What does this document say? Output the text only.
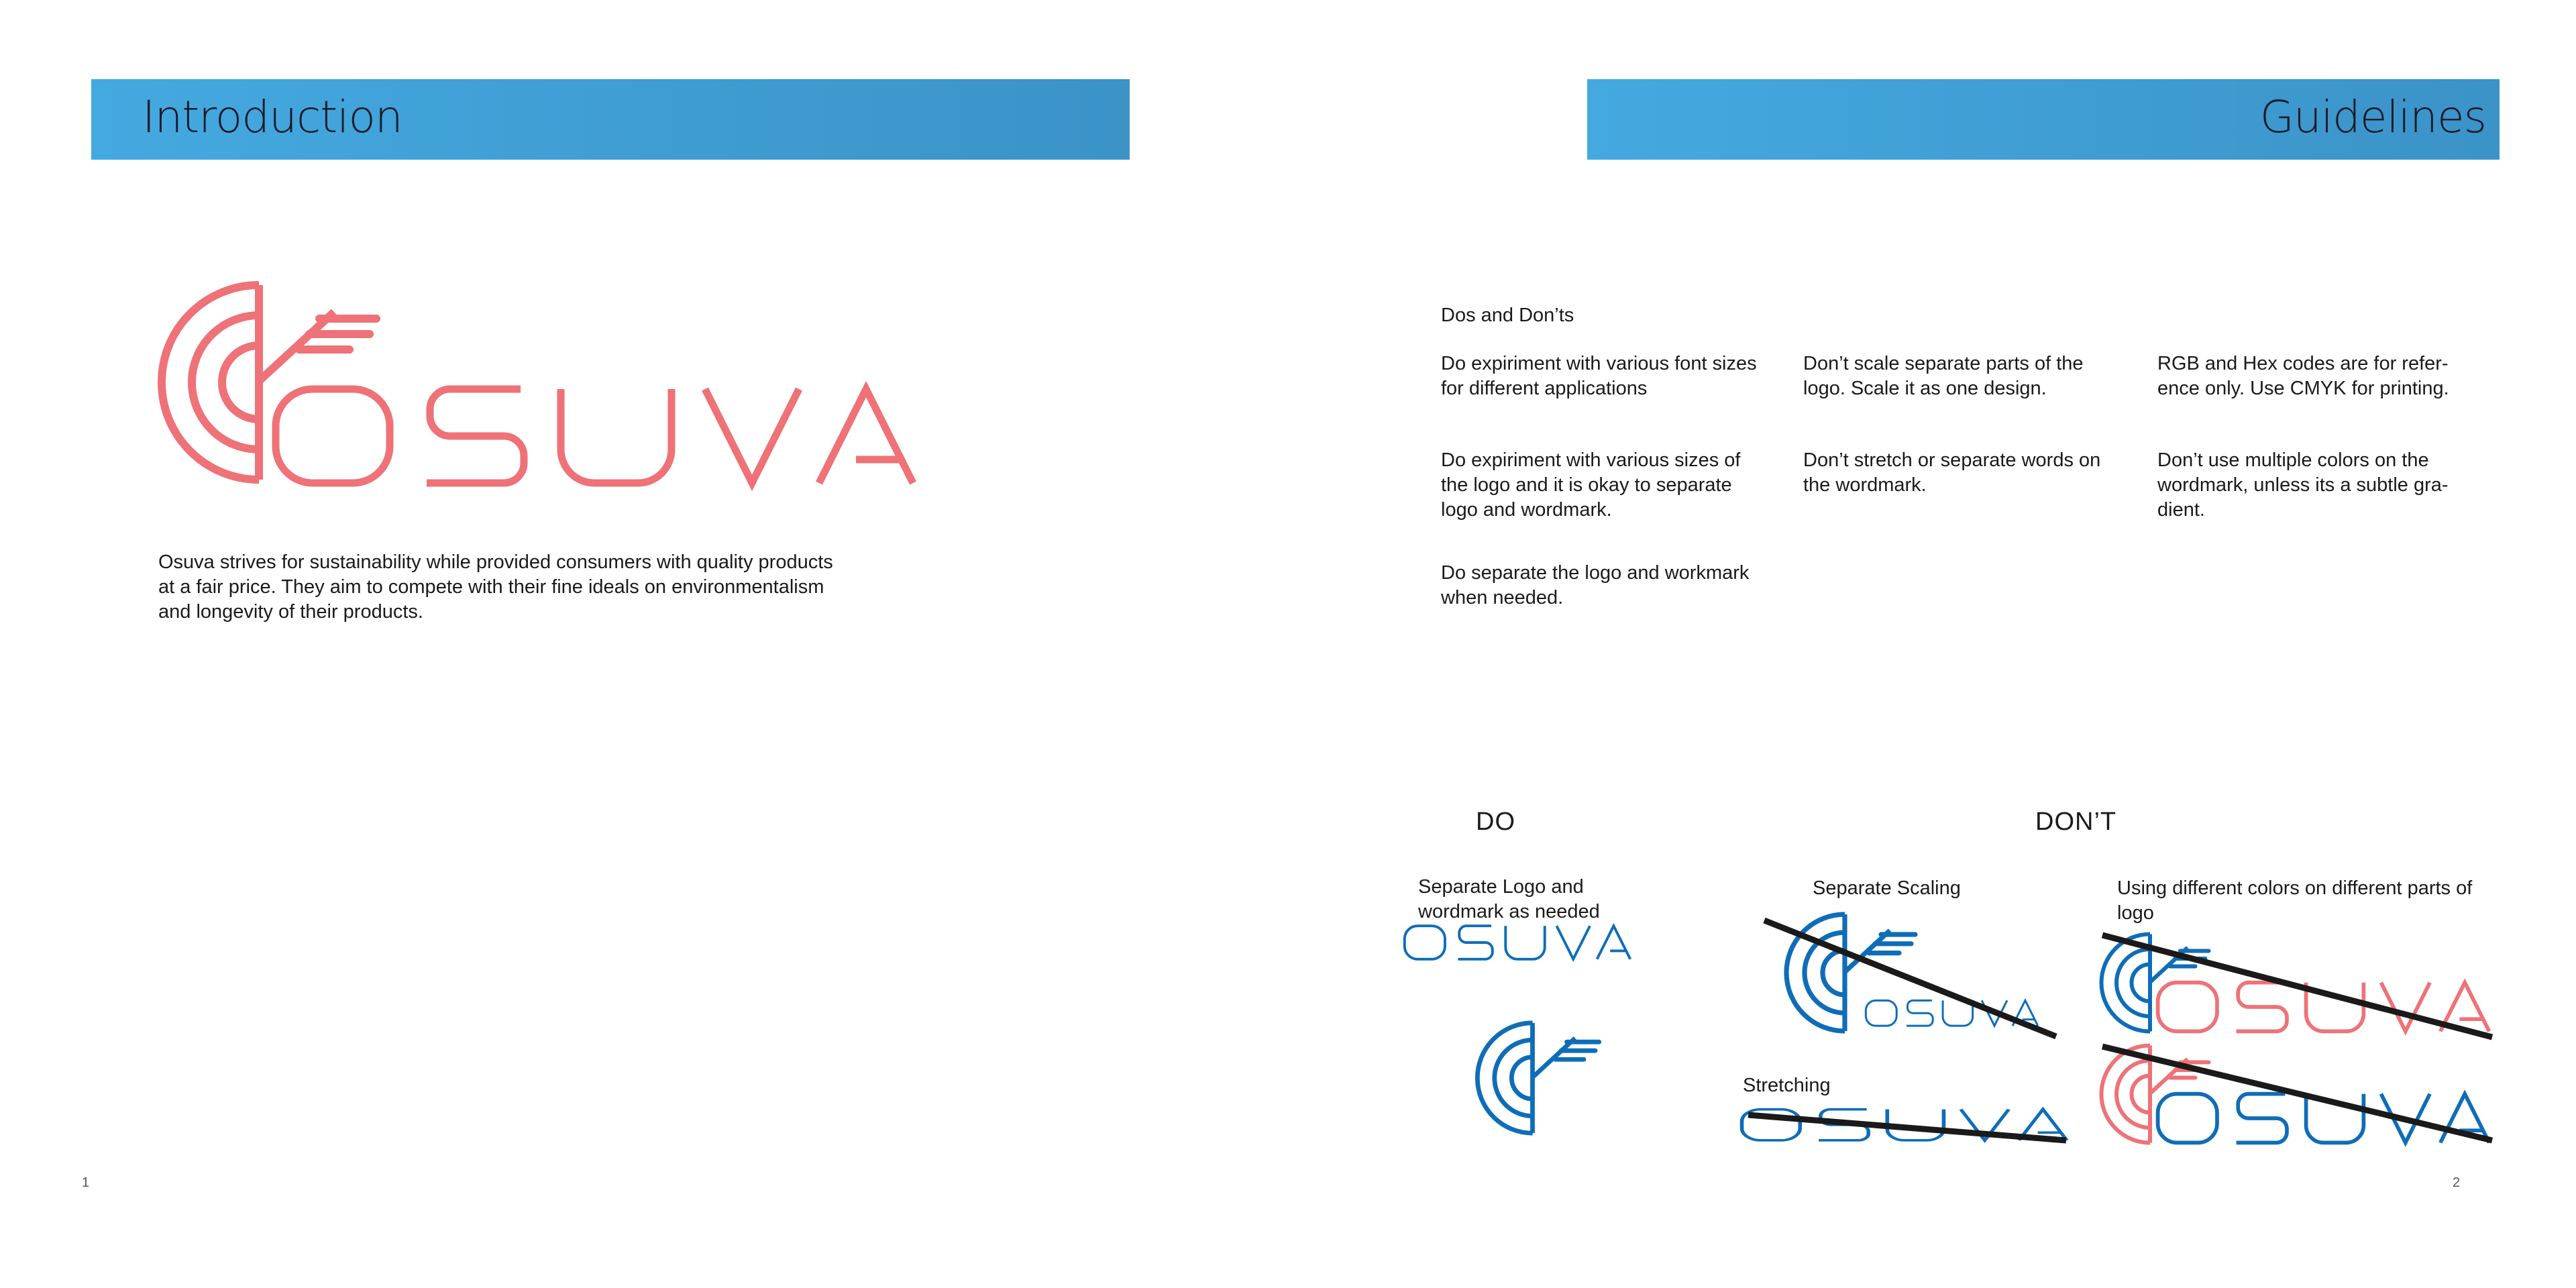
Introduction
Osuva strives for sustainability while provided consumers with quality products
at a fair price. They aim to compete with their fine ideals on environmentalism
and longevity of their products.
1
Guidelines
Dos and Don’ts
Do expiriment with various font sizes
for different applications
Don’t scale separate parts of the
logo. Scale it as one design.
RGB and Hex codes are for refer-
ence only. Use CMYK for printing.
Do expiriment with various sizes of
the logo and it is okay to separate
logo and wordmark.
Don’t stretch or separate words on
the wordmark.
Don’t use multiple colors on the
wordmark, unless its a subtle gra-
dient.
Do separate the logo and workmark
when needed.
DO	DON’T
Separate Logo and
wordmark as needed
Separate Scaling
Stretching
Using different colors on different parts of
logo
2
